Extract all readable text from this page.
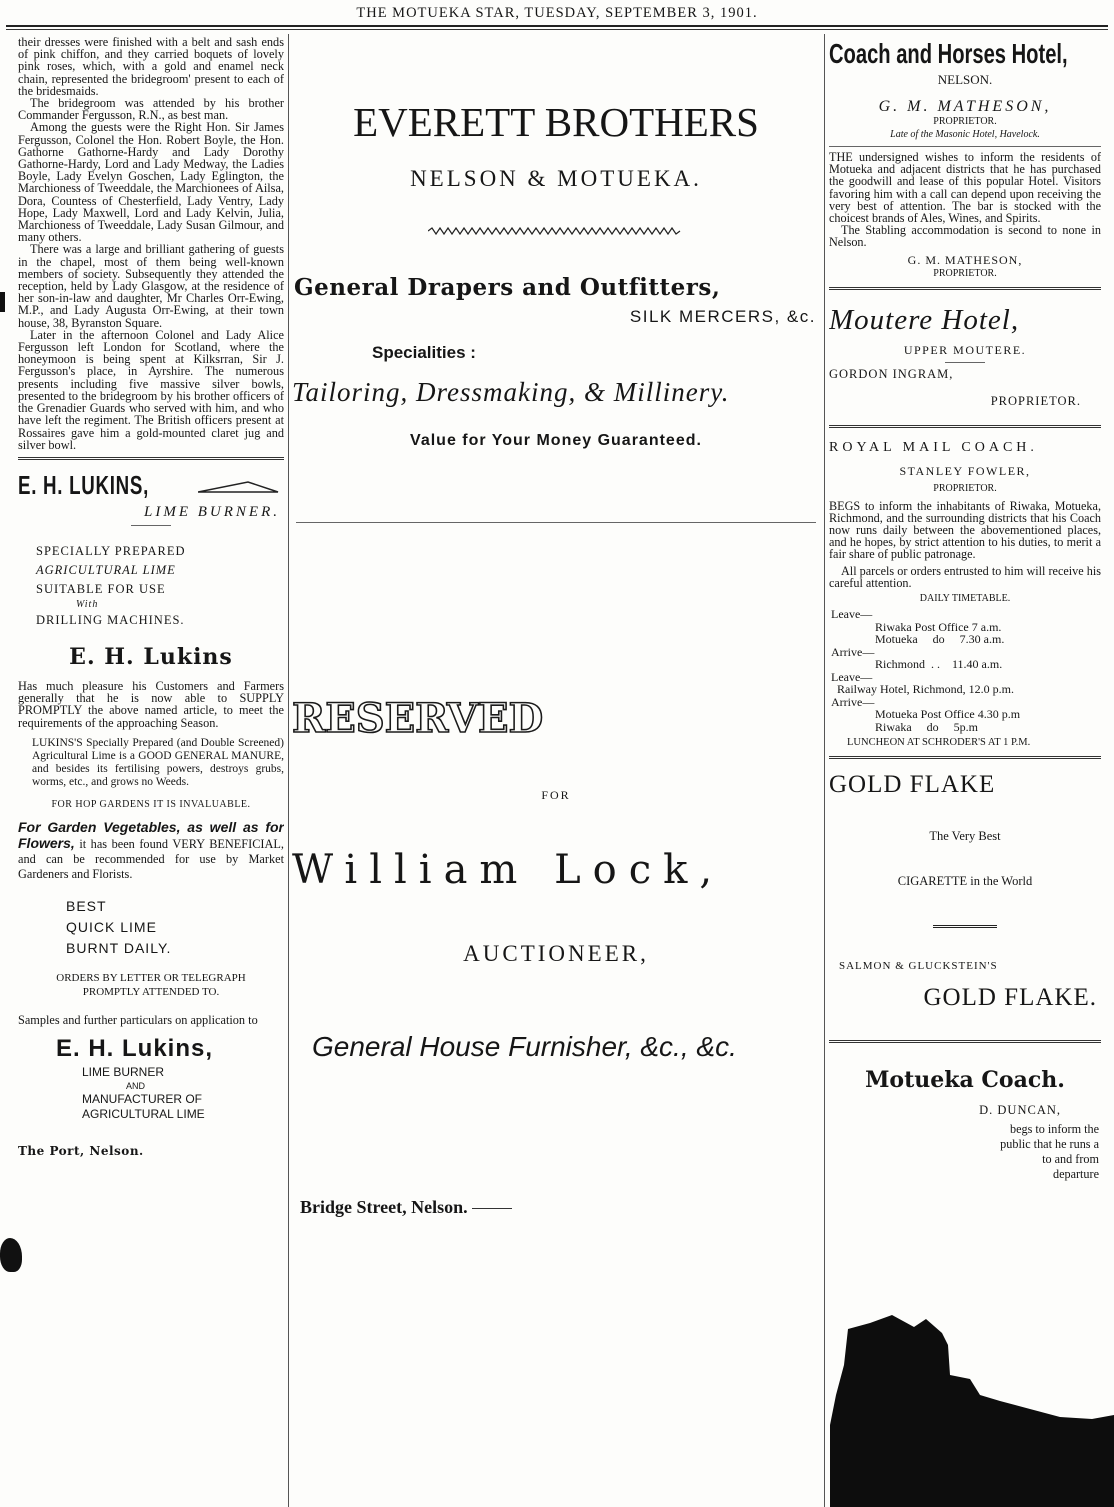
THE MOTUEKA STAR, TUESDAY, SEPTEMBER 3, 1901.

their dresses were finished with a belt and sash ends of pink chiffon, and they carried boquets of lovely pink roses, which, with a gold and enamel neck chain, represented the bridegroom' present to each of the bridesmaids.

The bridegroom was attended by his brother Commander Fergusson, R.N., as best man.

Among the guests were the Right Hon. Sir James Fergusson, Colonel the Hon. Robert Boyle, the Hon. Gathorne Gathorne-Hardy and Lady Dorothy Gathorne-Hardy, Lord and Lady Medway, the Ladies Boyle, Lady Evelyn Goschen, Lady Eglington, the Marchioness of Tweeddale, the Marchionees of Ailsa, Dora, Countess of Chesterfield, Lady Ventry, Lady Hope, Lady Maxwell, Lord and Lady Kelvin, Julia, Marchioness of Tweeddale, Lady Susan Gilmour, and many others.

There was a large and brilliant gathering of guests in the chapel, most of them being well-known members of society. Subsequently they attended the reception, held by Lady Glasgow, at the residence of her son-in-law and daughter, Mr Charles Orr-Ewing, M.P., and Lady Augusta Orr-Ewing, at their town house, 38, Byranston Square.

Later in the afternoon Colonel and Lady Alice Fergusson left London for Scotland, where the honeymoon is being spent at Kilksrran, Sir J. Fergusson's place, in Ayrshire. The numerous presents including five massive silver bowls, presented to the bridegroom by his brother officers of the Grenadier Guards who served with him, and who have left the regiment. The British officers present at Rossaires gave him a gold-mounted claret jug and silver bowl.

E. H. LUKINS,
LIME BURNER.
SPECIALLY PREPARED
AGRICULTURAL LIME
SUITABLE FOR USE
With
DRILLING MACHINES.
E. H. Lukins

Has much pleasure his Customers and Farmers generally that he is now able to SUPPLY PROMPTLY the above named article, to meet the requirements of the approaching Season.

LUKINS'S Specially Prepared (and Double Screened) Agricultural Lime is a GOOD GENERAL MANURE, and besides its fertilising powers, destroys grubs, worms, etc., and grows no Weeds.

FOR HOP GARDENS IT IS INVALUABLE.

For Garden Vegetables, as well as for Flowers, it has been found VERY BENEFICIAL, and can be recommended for use by Market Gardeners and Florists.

BEST
QUICK LIME
BURNT DAILY.
ORDERS BY LETTER OR TELEGRAPH PROMPTLY ATTENDED TO.

Samples and further particulars on application to

E. H. Lukins,
LIME BURNER
AND
MANUFACTURER OF
AGRICULTURAL LIME
The Port, Nelson.
EVERETT BROTHERS
NELSON & MOTUEKA.
General Drapers and Outfitters,
SILK MERCERS, &c.
Specialities :
Tailoring, Dressmaking, & Millinery.
Value for Your Money Guaranteed.
RESERVED
FOR
William Lock,
AUCTIONEER,
General House Furnisher, &c., &c.
Bridge Street, Nelson.
Coach and Horses Hotel,
NELSON.
G. M. MATHESON,
PROPRIETOR.
Late of the Masonic Hotel, Havelock.

THE undersigned wishes to inform the residents of Motueka and adjacent districts that he has purchased the goodwill and lease of this popular Hotel. Visitors favoring him with a call can depend upon receiving the very best of attention. The bar is stocked with the choicest brands of Ales, Wines, and Spirits.

The Stabling accommodation is second to none in Nelson.

G. M. MATHESON,
PROPRIETOR.
Moutere Hotel,
UPPER MOUTERE.
GORDON INGRAM,
PROPRIETOR.
ROYAL MAIL COACH.
STANLEY FOWLER,
PROPRIETOR.

BEGS to inform the inhabitants of Riwaka, Motueka, Richmond, and the surrounding districts that his Coach now runs daily between the abovementioned places, and he hopes, by strict attention to his duties, to merit a fair share of public patronage.

All parcels or orders entrusted to him will receive his careful attention.

DAILY TIMETABLE.
Leave—
Riwaka Post Office 7 a.m.
Motueka     do     7.30 a.m.
Arrive—
Richmond  . .    11.40 a.m.
Leave—
Railway Hotel, Richmond, 12.0 p.m.
Arrive—
Motueka Post Office 4.30 p.m
Riwaka     do     5p.m
LUNCHEON AT SCHRODER'S AT 1 P.M.
GOLD FLAKE
The Very Best
CIGARETTE in the World
SALMON & GLUCKSTEIN'S
GOLD FLAKE.
Motueka Coach.
D. DUNCAN,
begs to inform the
public that he runs a
to and from
departure
